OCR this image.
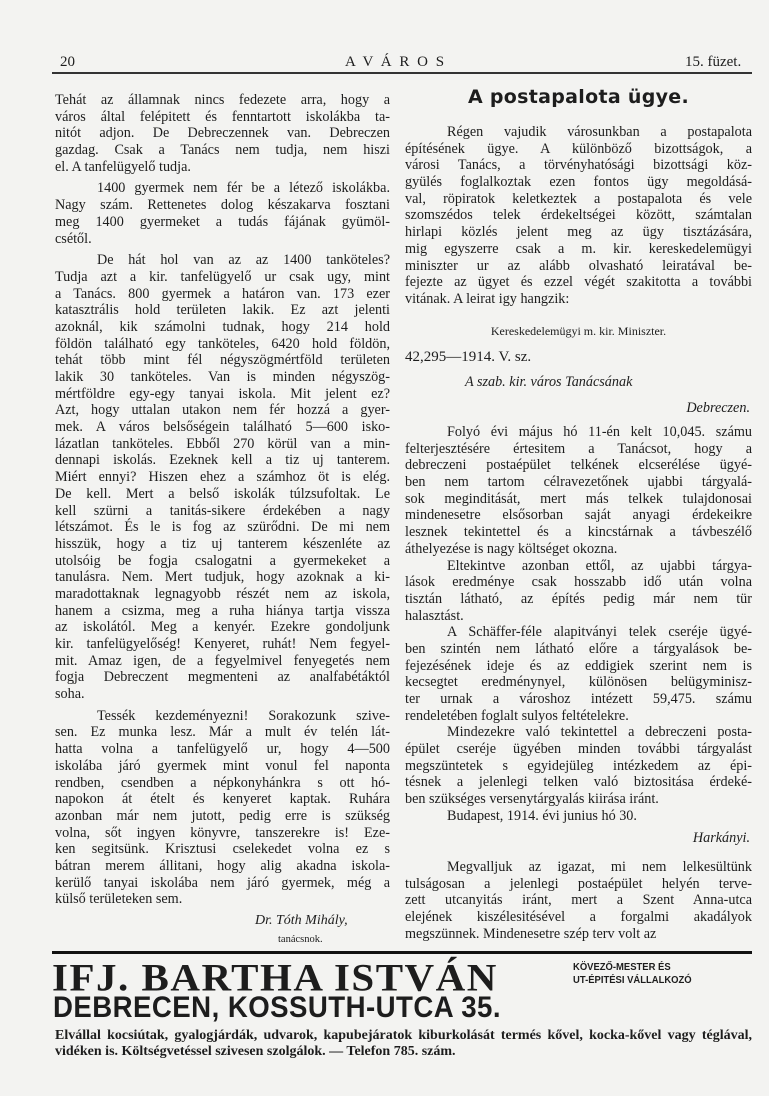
20	A V Á R O S	15. füzet.
Tehát az államnak nincs fedezete arra, hogy a
város által felépitett és fenntartott iskolákba ta-
nitót adjon. De Debreczennek van. Debreczen
gazdag. Csak a Tanács nem tudja, nem hiszi
el. A tanfelügyelő tudja.
1400 gyermek nem fér be a létező iskolákba.
Nagy szám. Rettenetes dolog készakarva fosztani
meg 1400 gyermeket a tudás fájának gyümöl-
csétől.
De hát hol van az az 1400 tanköteles?
Tudja azt a kir. tanfelügyelő ur csak ugy, mint
a Tanács. 800 gyermek a határon van. 173 ezer
katasztrális hold területen lakik. Ez azt jelenti
azoknál, kik számolni tudnak, hogy 214 hold
földön található egy tanköteles, 6420 hold földön,
tehát több mint fél négyszögmértföld területen
lakik 30 tanköteles. Van is minden négyszög-
mértföldre egy-egy tanyai iskola. Mit jelent ez?
Azt, hogy uttalan utakon nem fér hozzá a gyer-
mek. A város belsőségein található 5—600 isko-
lázatlan tanköteles. Ebből 270 körül van a min-
dennapi iskolás. Ezeknek kell a tiz uj tanterem.
Miért ennyi? Hiszen ehez a számhoz öt is elég.
De kell. Mert a belső iskolák túlzsufoltak. Le
kell szürni a tanitás-sikere érdekében a nagy
létszámot. És le is fog az szürődni. De mi nem
hisszük, hogy a tiz uj tanterem készenléte az
utolsóig be fogja csalogatni a gyermekeket a
tanulásra. Nem. Mert tudjuk, hogy azoknak a ki-
maradottaknak legnagyobb részét nem az iskola,
hanem a csizma, meg a ruha hiánya tartja vissza
az iskolától. Meg a kenyér. Ezekre gondoljunk
kir. tanfelügyelőség! Kenyeret, ruhát! Nem fegyel-
mit. Amaz igen, de a fegyelmivel fenyegetés nem
fogja Debreczent megmenteni az analfabétáktól
soha.
Tessék kezdeményezni! Sorakozunk szive-
sen. Ez munka lesz. Már a mult év telén lát-
hatta volna a tanfelügyelő ur, hogy 4—500
iskolába járó gyermek mint vonul fel naponta
rendben, csendben a népkonyhánkra s ott hó-
napokon át ételt és kenyeret kaptak. Ruhára
azonban már nem jutott, pedig erre is szükség
volna, sőt ingyen könyvre, tanszerekre is! Eze-
ken segitsünk. Krisztusi cselekedet volna ez s
bátran merem állitani, hogy alig akadna iskola-
kerülő tanyai iskolába nem járó gyermek, még a
külső területeken sem.
Dr. Tóth Mihály,
tanácsnok.
A postapalota ügye.
Régen vajudik városunkban a postapalota
építésének ügye. A különböző bizottságok, a
városi Tanács, a törvényhatósági bizottsági köz-
gyülés foglalkoztak ezen fontos ügy megoldásá-
val, röpiratok keletkeztek a postapalota és vele
szomszédos telek érdekeltségei között, számtalan
hirlapi közlés jelent meg az ügy tisztázására,
mig egyszerre csak a m. kir. kereskedelemügyi
miniszter ur az alább olvasható leiratával be-
fejezte az ügyet és ezzel végét szakitotta a további
vitának. A leirat igy hangzik:
Kereskedelemügyi m. kir. Miniszter.
42,295—1914. V. sz.
A szab. kir. város Tanácsának
Debreczen.
Folyó évi május hó 11-én kelt 10,045. számu
felterjesztésére értesitem a Tanácsot, hogy a
debreczeni postaépület telkének elcserélése ügyé-
ben nem tartom célravezetőnek ujabbi tárgyalá-
sok meginditását, mert más telkek tulajdonosai
mindenesetre elsősorban saját anyagi érdekeikre
lesznek tekintettel és a kincstárnak a távbeszélő
áthelyezése is nagy költséget okozna.
Eltekintve azonban ettől, az ujabbi tárgya-
lások eredménye csak hosszabb idő után volna
tisztán látható, az építés pedig már nem tür
halasztást.
A Schäffer-féle alapitványi telek cseréje ügyé-
ben szintén nem látható előre a tárgyalások be-
fejezésének ideje és az eddigiek szerint nem is
kecsegtet eredménynyel, különösen belügyminisz-
ter urnak a városhoz intézett 59,475. számu
rendeletében foglalt sulyos feltételekre.
Mindezekre való tekintettel a debreczeni posta-
épület cseréje ügyében minden további tárgyalást
megszüntetek s egyidejüleg intézkedem az épi-
tésnek a jelenlegi telken való biztositása érdeké-
ben szükséges versenytárgyalás kiirása iránt.
Budapest, 1914. évi junius hó 30.
Harkányi.
Megvalljuk az igazat, mi nem lelkesültünk
tulságosan a jelenlegi postaépület helyén terve-
zett utcanyitás iránt, mert a Szent Anna-utca
elejének kiszélesitésével a forgalmi akadályok
megszünnek. Mindenesetre szép terv volt az
IFJ. BARTHA ISTVÁN	KÖVEZŐ-MESTER ÉS
UT-ÉPITÉSI VÁLLALKOZÓ
DEBRECEN, KOSSUTH-UTCA 35.
Elvállal kocsiútak, gyalogjárdák, udvarok, kapubejáratok kiburkolását termés kővel, kocka-kővel vagy téglával, vidéken is. Költségvetéssel szivesen szolgálok. — Telefon 785. szám.
